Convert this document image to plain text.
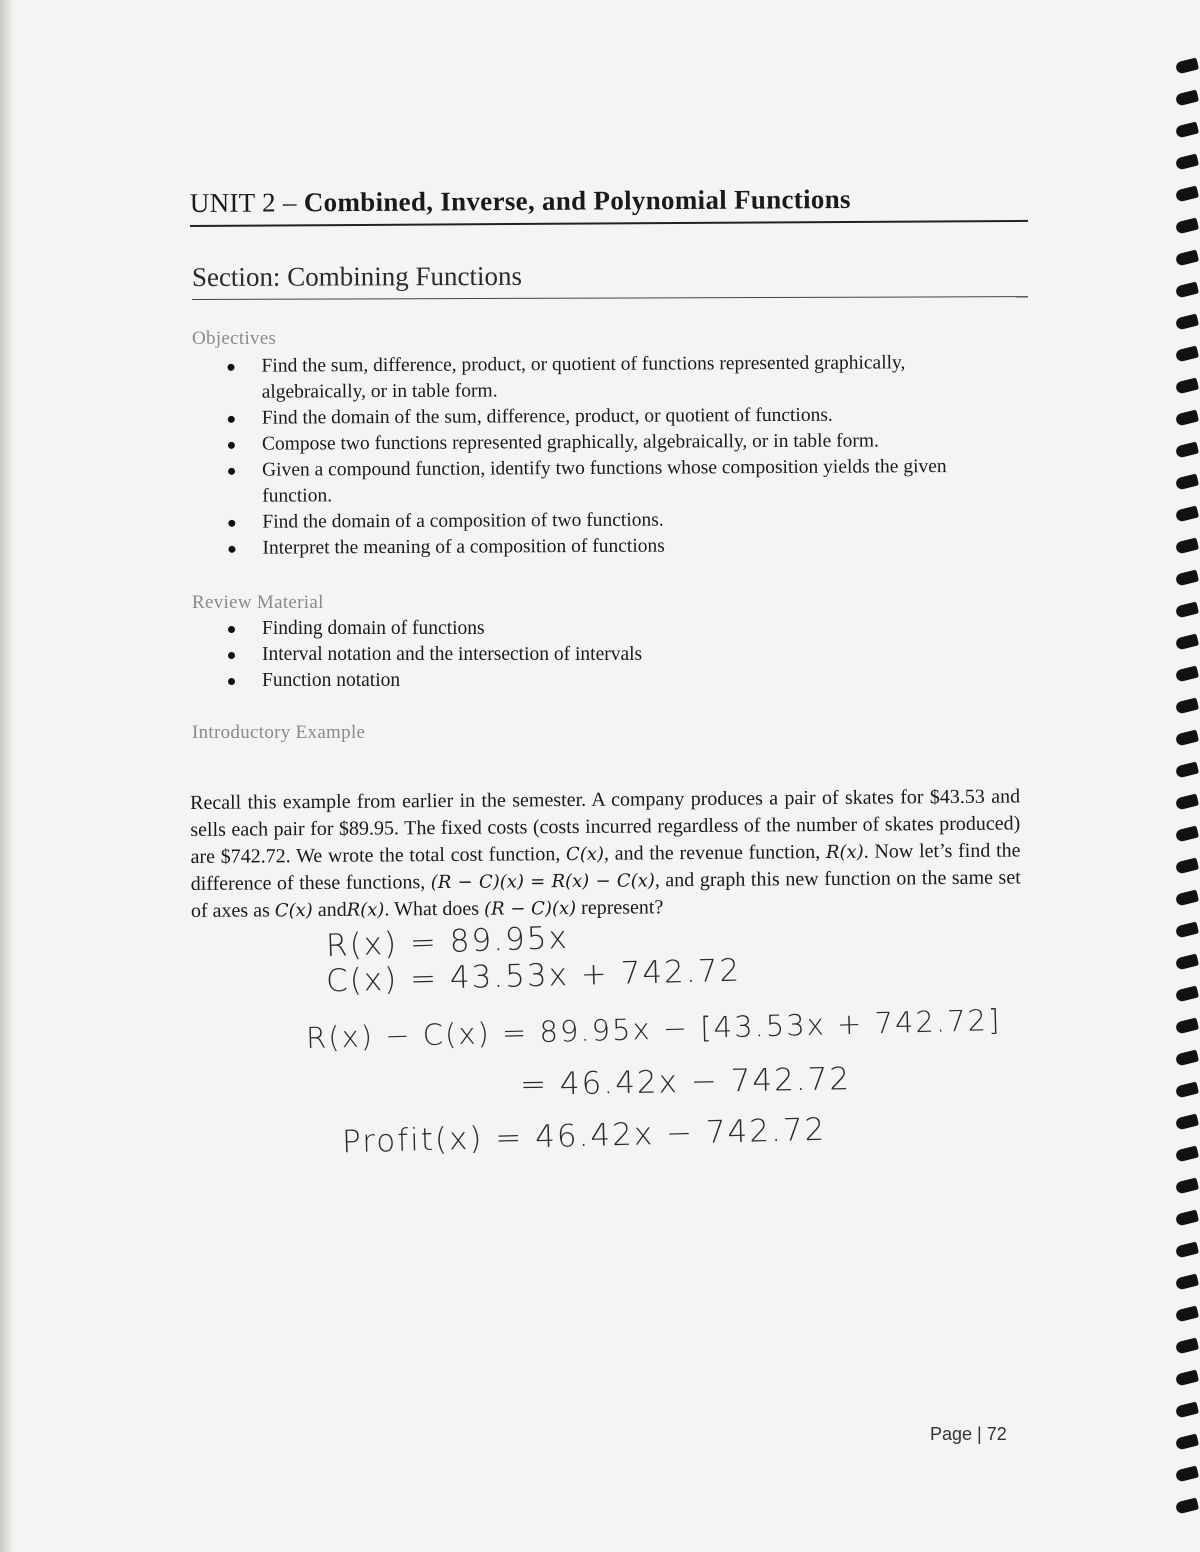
UNIT 2 – Combined, Inverse, and Polynomial Functions
Section: Combining Functions
Objectives
Find the sum, difference, product, or quotient of functions represented graphically, algebraically, or in table form.
Find the domain of the sum, difference, product, or quotient of functions.
Compose two functions represented graphically, algebraically, or in table form.
Given a compound function, identify two functions whose composition yields the given function.
Find the domain of a composition of two functions.
Interpret the meaning of a composition of functions
Review Material
Finding domain of functions
Interval notation and the intersection of intervals
Function notation
Introductory Example

Recall this example from earlier in the semester. A company produces a pair of skates for $43.53 and sells each pair for $89.95. The fixed costs (costs incurred regardless of the number of skates produced) are $742.72. We wrote the total cost function, C(x), and the revenue function, R(x). Now let’s find the difference of these functions, (R − C)(x) = R(x) − C(x), and graph this new function on the same set of axes as C(x) andR(x). What does (R − C)(x) represent?

R(x) = 89.95x
C(x) = 43.53x + 742.72
R(x) − C(x) = 89.95x − [43.53x + 742.72]
= 46.42x − 742.72
Profit(x) = 46.42x − 742.72
Page | 72
